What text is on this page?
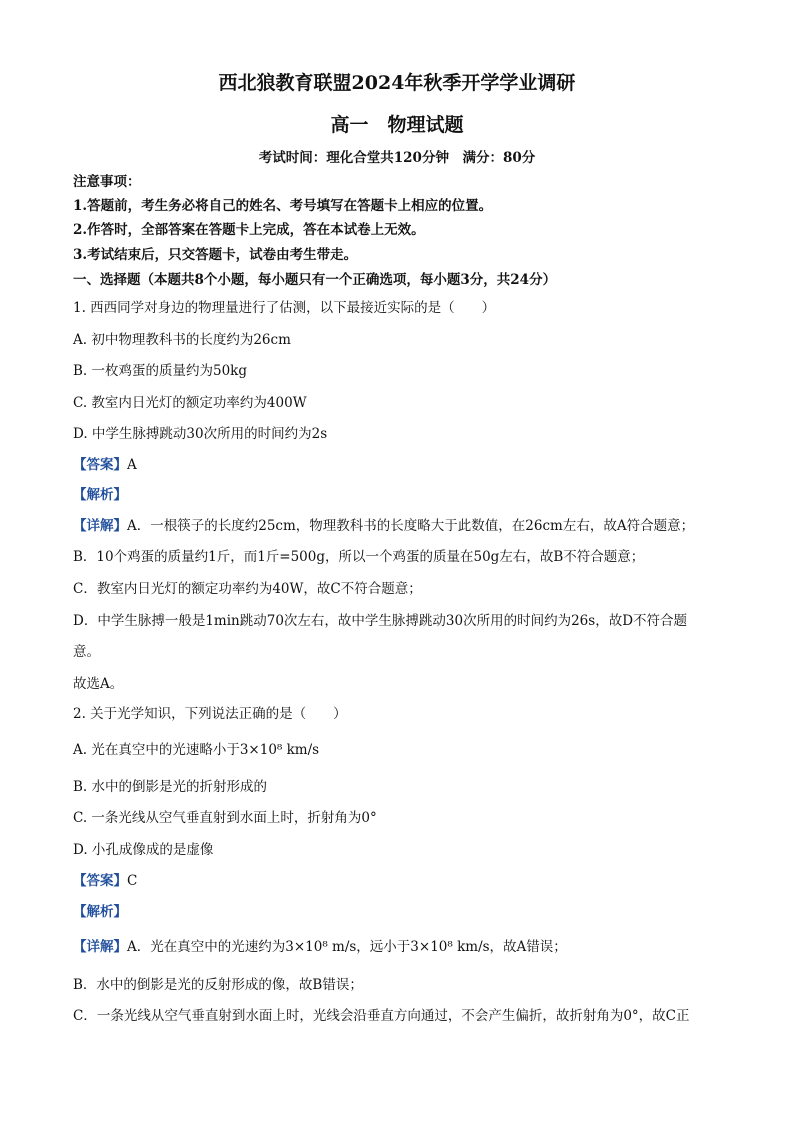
西北狼教育联盟2024年秋季开学学业调研
高一　物理试题
考试时间：理化合堂共120分钟　满分：80分
注意事项：
1.答题前，考生务必将自己的姓名、考号填写在答题卡上相应的位置。
2.作答时，全部答案在答题卡上完成，答在本试卷上无效。
3.考试结束后，只交答题卡，试卷由考生带走。
一、选择题（本题共8个小题，每小题只有一个正确选项，每小题3分，共24分）
1. 西西同学对身边的物理量进行了估测，以下最接近实际的是（　　）
A. 初中物理教科书的长度约为26cm
B. 一枚鸡蛋的质量约为50kg
C. 教室内日光灯的额定功率约为400W
D. 中学生脉搏跳动30次所用的时间约为2s
【答案】A
【解析】
【详解】A．一根筷子的长度约25cm，物理教科书的长度略大于此数值，在26cm左右，故A符合题意；
B．10个鸡蛋的质量约1斤，而1斤=500g，所以一个鸡蛋的质量在50g左右，故B不符合题意；
C．教室内日光灯的额定功率约为40W，故C不符合题意；
D．中学生脉搏一般是1min跳动70次左右，故中学生脉搏跳动30次所用的时间约为26s，故D不符合题
意。
故选A。
2. 关于光学知识，下列说法正确的是（　　）
A. 光在真空中的光速略小于3×10⁸ km/s
B. 水中的倒影是光的折射形成的
C. 一条光线从空气垂直射到水面上时，折射角为0°
D. 小孔成像成的是虚像
【答案】C
【解析】
【详解】A．光在真空中的光速约为3×10⁸ m/s，远小于3×10⁸ km/s，故A错误；
B．水中的倒影是光的反射形成的像，故B错误；
C．一条光线从空气垂直射到水面上时，光线会沿垂直方向通过，不会产生偏折，故折射角为0°，故C正
